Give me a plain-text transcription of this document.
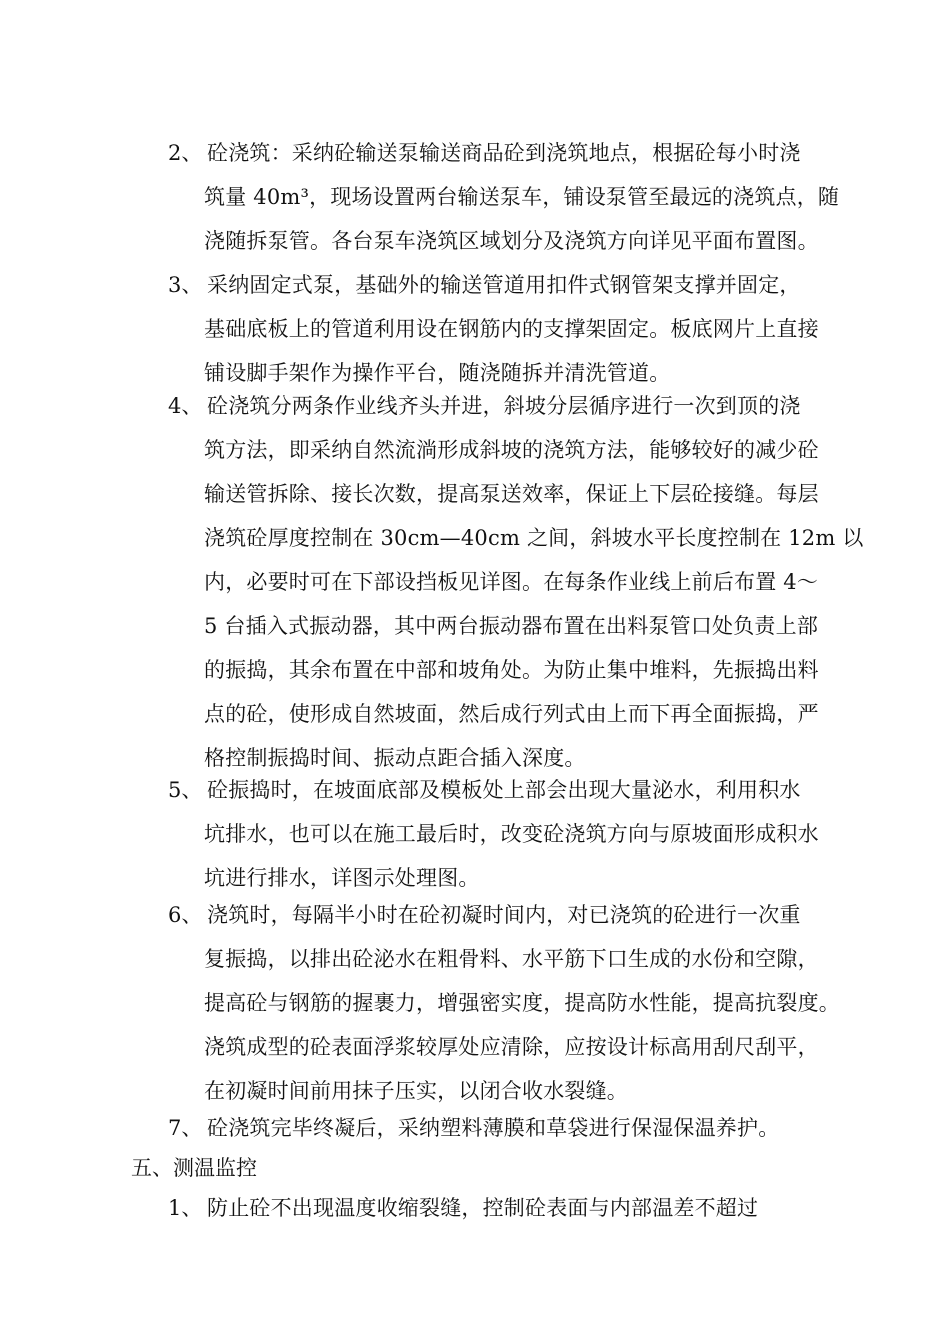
2、 砼浇筑：采纳砼输送泵输送商品砼到浇筑地点，根据砼每小时浇
筑量 40m³，现场设置两台输送泵车，铺设泵管至最远的浇筑点，随
浇随拆泵管。各台泵车浇筑区域划分及浇筑方向详见平面布置图。
3、 采纳固定式泵，基础外的输送管道用扣件式钢管架支撑并固定，
基础底板上的管道利用设在钢筋内的支撑架固定。板底网片上直接
铺设脚手架作为操作平台，随浇随拆并清洗管道。
4、 砼浇筑分两条作业线齐头并进，斜坡分层循序进行一次到顶的浇
筑方法，即采纳自然流淌形成斜坡的浇筑方法，能够较好的减少砼
输送管拆除、接长次数，提高泵送效率，保证上下层砼接缝。每层
浇筑砼厚度控制在 30cm—40cm 之间，斜坡水平长度控制在 12m 以
内，必要时可在下部设挡板见详图。在每条作业线上前后布置 4～
5 台插入式振动器，其中两台振动器布置在出料泵管口处负责上部
的振捣，其余布置在中部和坡角处。为防止集中堆料，先振捣出料
点的砼，使形成自然坡面，然后成行列式由上而下再全面振捣，严
格控制振捣时间、振动点距合插入深度。
5、 砼振捣时，在坡面底部及模板处上部会出现大量泌水，利用积水
坑排水，也可以在施工最后时，改变砼浇筑方向与原坡面形成积水
坑进行排水，详图示处理图。
6、 浇筑时，每隔半小时在砼初凝时间内，对已浇筑的砼进行一次重
复振捣，以排出砼泌水在粗骨料、水平筋下口生成的水份和空隙，
提高砼与钢筋的握裹力，增强密实度，提高防水性能，提高抗裂度。
浇筑成型的砼表面浮浆较厚处应清除，应按设计标高用刮尺刮平，
在初凝时间前用抹子压实，以闭合收水裂缝。
7、 砼浇筑完毕终凝后，采纳塑料薄膜和草袋进行保湿保温养护。
五、测温监控
1、 防止砼不出现温度收缩裂缝，控制砼表面与内部温差不超过
